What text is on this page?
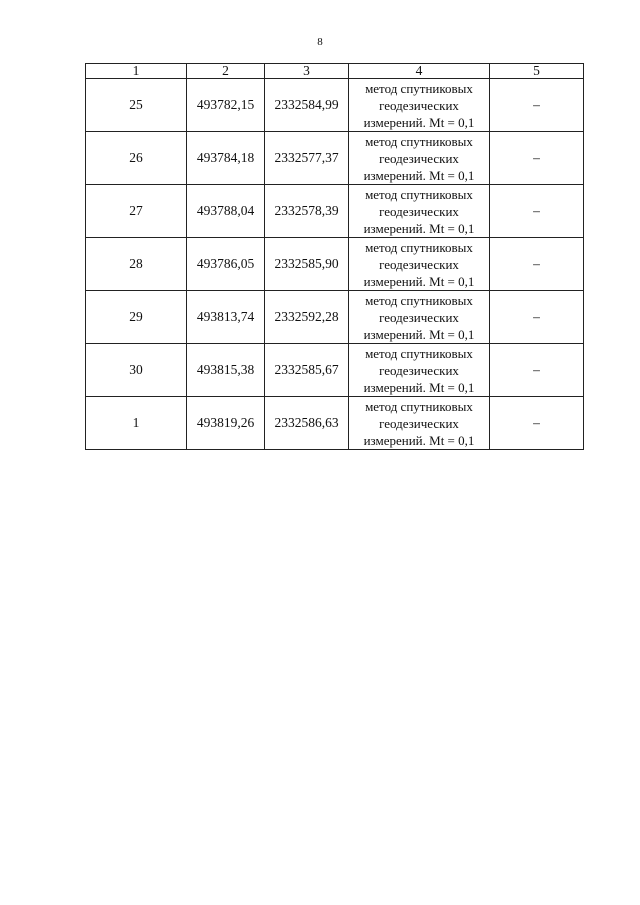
8
1	2	3	4	5
25	493782,15	2332584,99	метод спутниковых геодезических измерений. Mt = 0,1	–
26	493784,18	2332577,37	метод спутниковых геодезических измерений. Mt = 0,1	–
27	493788,04	2332578,39	метод спутниковых геодезических измерений. Mt = 0,1	–
28	493786,05	2332585,90	метод спутниковых геодезических измерений. Mt = 0,1	–
29	493813,74	2332592,28	метод спутниковых геодезических измерений. Mt = 0,1	–
30	493815,38	2332585,67	метод спутниковых геодезических измерений. Mt = 0,1	–
1	493819,26	2332586,63	метод спутниковых геодезических измерений. Mt = 0,1	–
